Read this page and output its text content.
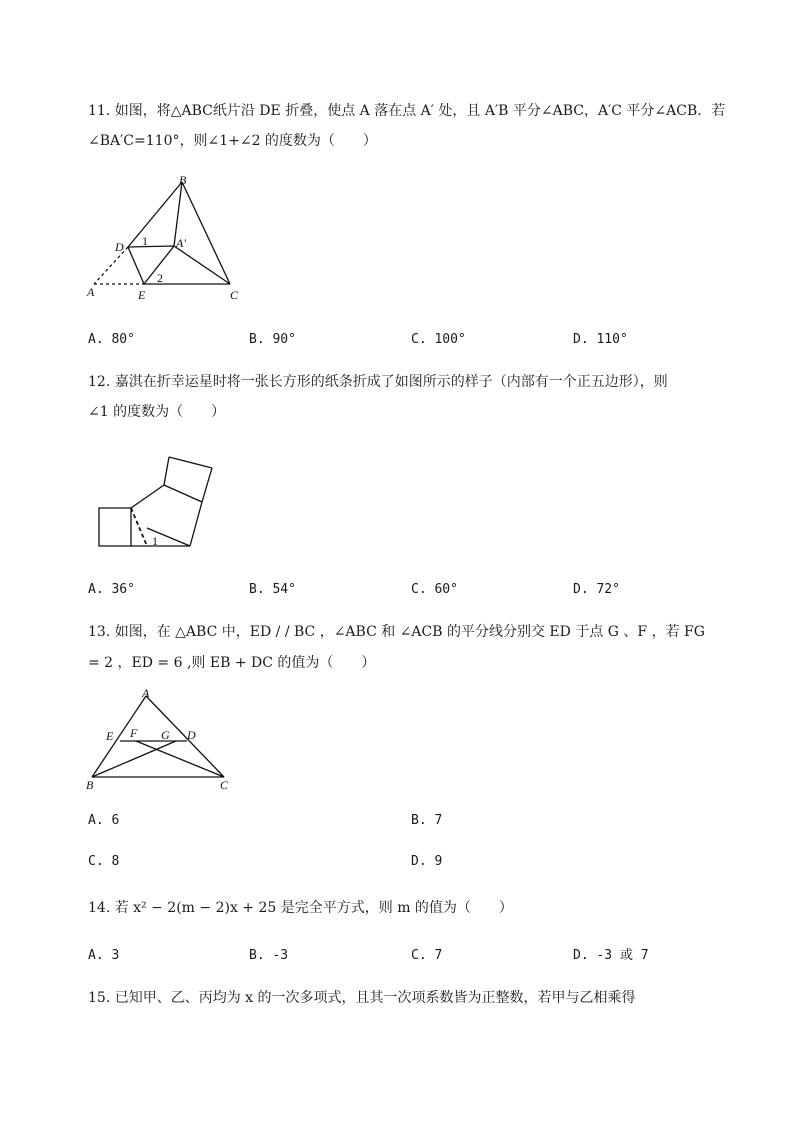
11. 如图，将△ABC纸片沿 DE 折叠，使点 A 落在点 A′ 处，且 A′B 平分∠ABC，A′C 平分∠ACB．若
∠BA′C=110°，则∠1+∠2 的度数为（　　）
B
D	A′
1
2
A	E	C
A. 80°	B. 90°	C. 100°	D. 110°
12. 嘉淇在折幸运星时将一张长方形的纸条折成了如图所示的样子（内部有一个正五边形），则
∠1 的度数为（　　）
1
A. 36°	B. 54°	C. 60°	D. 72°
13. 如图，在 △ABC 中，ED / / BC ，∠ABC 和 ∠ACB 的平分线分别交 ED 于点 G 、F ，若 FG
= 2 ，ED = 6 ,则 EB + DC 的值为（　　）
A
E F G D
B	C
A. 6	B. 7
C. 8	D. 9
14. 若 x² − 2(m − 2)x + 25 是完全平方式，则 m 的值为（　　）
A. 3	B. -3	C. 7	D. -3 或 7
15. 已知甲、乙、丙均为 x 的一次多项式，且其一次项系数皆为正整数，若甲与乙相乘得
